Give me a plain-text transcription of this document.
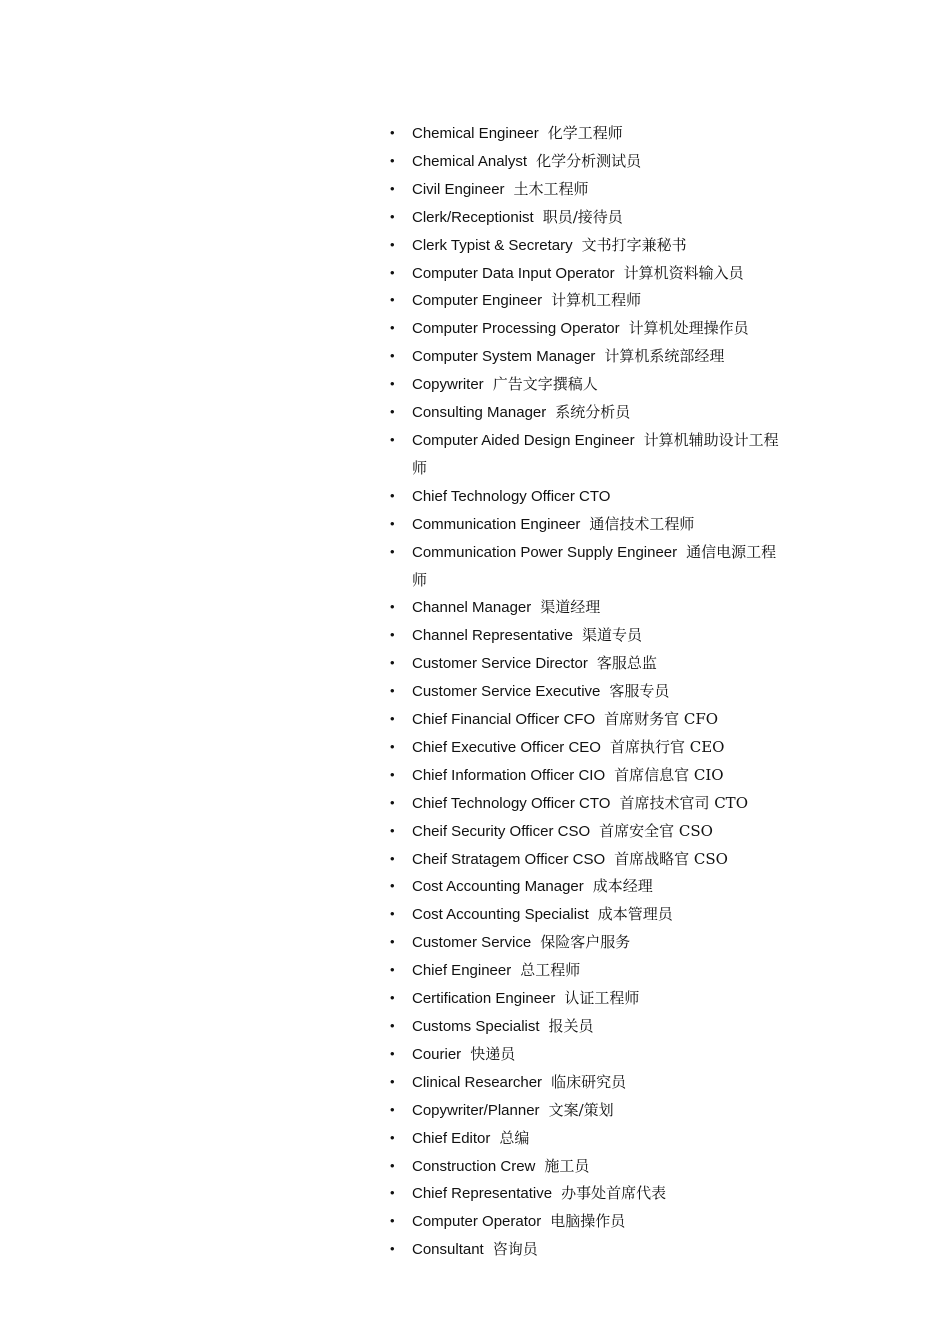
•	Chemical Engineer 化学工程师
•	Chemical Analyst 化学分析测试员
•	Civil Engineer 土木工程师
•	Clerk/Receptionist 职员/接待员
•	Clerk Typist & Secretary 文书打字兼秘书
•	Computer Data Input Operator 计算机资料输入员
•	Computer Engineer 计算机工程师
•	Computer Processing Operator 计算机处理操作员
•	Computer System Manager 计算机系统部经理
•	Copywriter 广告文字撰稿人
•	Consulting Manager 系统分析员
•	Computer Aided Design Engineer 计算机辅助设计工程师
•	Chief Technology Officer CTO
•	Communication Engineer 通信技术工程师
•	Communication Power Supply Engineer 通信电源工程师
•	Channel Manager 渠道经理
•	Channel Representative 渠道专员
•	Customer Service Director 客服总监
•	Customer Service Executive 客服专员
•	Chief Financial Officer CFO 首席财务官 CFO
•	Chief Executive Officer CEO 首席执行官 CEO
•	Chief Information Officer CIO 首席信息官 CIO
•	Chief Technology Officer CTO 首席技术官司 CTO
•	Cheif Security Officer CSO 首席安全官 CSO
•	Cheif Stratagem Officer CSO 首席战略官 CSO
•	Cost Accounting Manager 成本经理
•	Cost Accounting Specialist 成本管理员
•	Customer Service 保险客户服务
•	Chief Engineer 总工程师
•	Certification Engineer 认证工程师
•	Customs Specialist 报关员
•	Courier 快递员
•	Clinical Researcher 临床研究员
•	Copywriter/Planner 文案/策划
•	Chief Editor 总编
•	Construction Crew 施工员
•	Chief Representative 办事处首席代表
•	Computer Operator 电脑操作员
•	Consultant 咨询员
